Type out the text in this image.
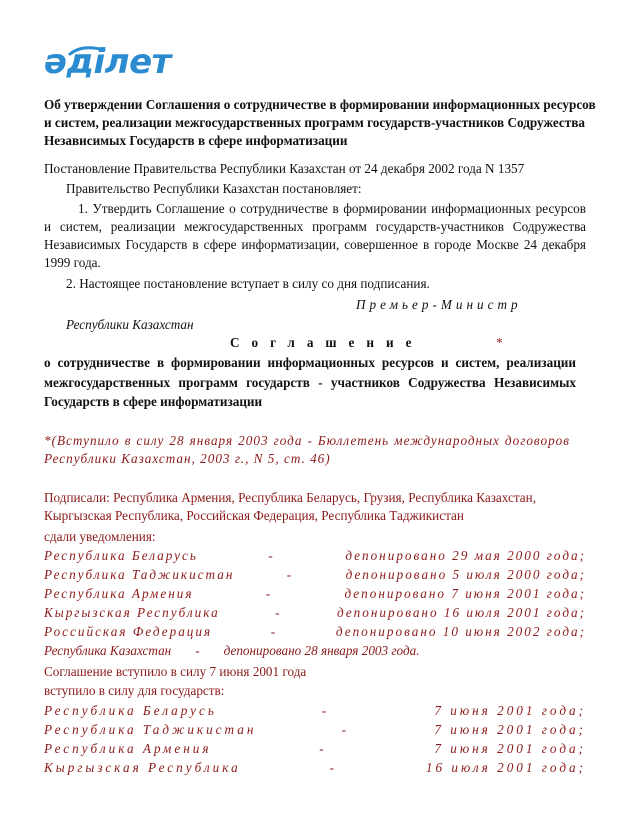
әділет
Об утверждении Соглашения о сотрудничестве в формировании информационных ресурсов и систем, реализации межгосударственных программ государств-участников Содружества Независимых Государств в сфере информатизации
Постановление Правительства Республики Казахстан от 24 декабря 2002 года N 1357
Правительство Республики Казахстан постановляет:
1. Утвердить Соглашение о сотрудничестве в формировании информационных ресурсов и систем, реализации межгосударственных программ государств-участников Содружества Независимых Государств в сфере информатизации, совершенное в городе Москве 24 декабря 1999 года.
2. Настоящее постановление вступает в силу со дня подписания.
Премьер-Министр
Республики Казахстан
Соглашение	*
о сотрудничестве в формировании информационных ресурсов и систем, реализации межгосударственных программ государств - участников Содружества Независимых Государств в сфере информатизации
*(Вступило в силу 28 января 2003 года - Бюллетень международных договоров Республики Казахстан, 2003 г., N 5, ст. 46)
Подписали: Республика Армения, Республика Беларусь, Грузия, Республика Казахстан, Кыргызская Республика, Российская Федерация, Республика Таджикистан
сдали уведомления:
Республика Беларусь	-	депонировано 29 мая 2000 года;
Республика Таджикистан	-	депонировано 5 июля 2000 года;
Республика Армения	-	депонировано 7 июня 2001 года;
Кыргызская Республика	-	депонировано 16 июля 2001 года;
Российская Федерация	-	депонировано 10 июня 2002 года;
Республика Казахстан - депонировано 28 января 2003 года.
Соглашение вступило в силу 7 июня 2001 года
вступило в силу для государств:
Республика Беларусь	-	7 июня 2001 года;
Республика Таджикистан	-	7 июня 2001 года;
Республика Армения	-	7 июня 2001 года;
Кыргызская Республика	-	16 июля 2001 года;
